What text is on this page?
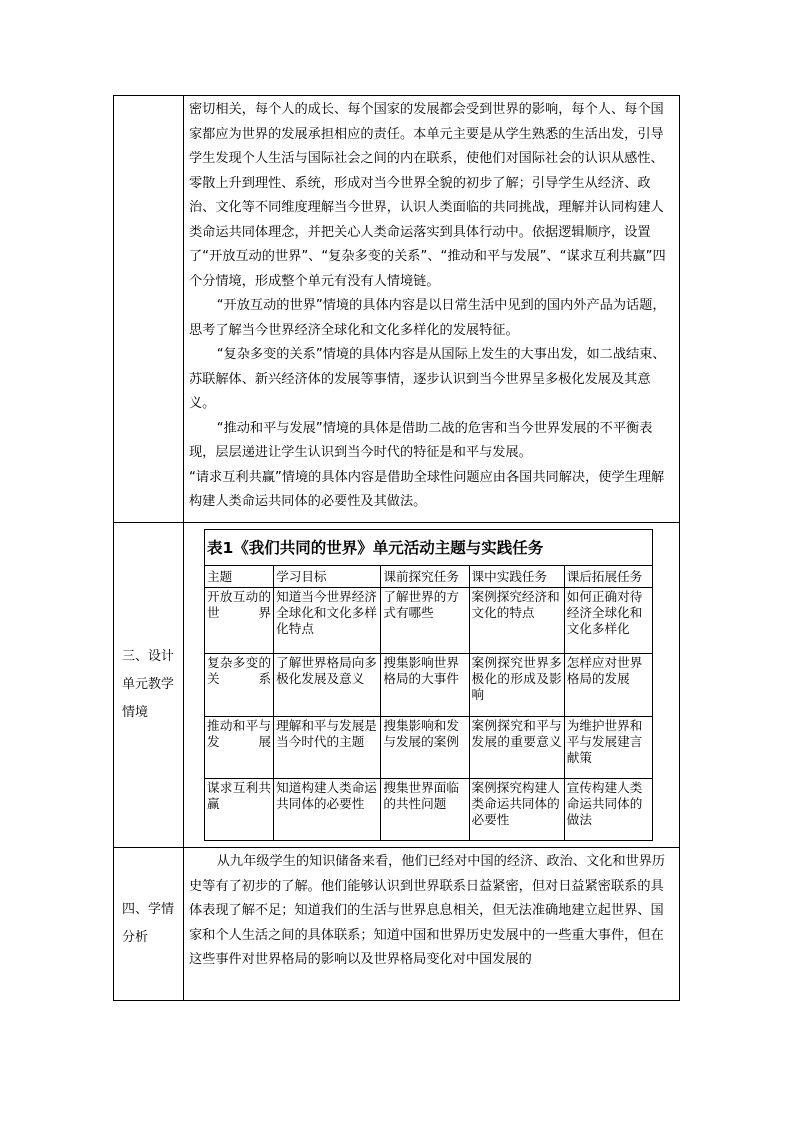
密切相关，每个人的成长、每个国家的发展都会受到世界的影响，每个人、每个国家都应为世界的发展承担相应的责任。本单元主要是从学生熟悉的生活出发，引导学生发现个人生活与国际社会之间的内在联系，使他们对国际社会的认识从感性、零散上升到理性、系统，形成对当今世界全貌的初步了解；引导学生从经济、政治、文化等不同维度理解当今世界，认识人类面临的共同挑战，理解并认同构建人类命运共同体理念，并把关心人类命运落实到具体行动中。依据逻辑顺序，设置了“开放互动的世界”、“复杂多变的关系”、“推动和平与发展”、“谋求互利共赢”四个分情境，形成整个单元有没有人情境链。

“开放互动的世界”情境的具体内容是以日常生活中见到的国内外产品为话题，思考了解当今世界经济全球化和文化多样化的发展特征。

“复杂多变的关系”情境的具体内容是从国际上发生的大事出发，如二战结束、苏联解体、新兴经济体的发展等事情，逐步认识到当今世界呈多极化发展及其意义。

“推动和平与发展”情境的具体是借助二战的危害和当今世界发展的不平衡表现，层层递进让学生认识到当今时代的特征是和平与发展。

“请求互利共赢”情境的具体内容是借助全球性问题应由各国共同解决，使学生理解构建人类命运共同体的必要性及其做法。

三、设计单元教学情境	
表1《我们共同的世界》单元活动主题与实践任务
主题	学习目标	课前探究任务	课中实践任务	课后拓展任务
开放互动的世界	知道当今世界经济全球化和文化多样化特点	了解世界的方式有哪些	案例探究经济和文化的特点	如何正确对待经济全球化和文化多样化
复杂多变的关系	了解世界格局向多极化发展及意义	搜集影响世界格局的大事件	案例探究世界多极化的形成及影响	怎样应对世界格局的发展
推动和平与发展	理解和平与发展是当今时代的主题	搜集影响和发与发展的案例	案例探究和平与发展的重要意义	为维护世界和平与发展建言献策
谋求互利共赢	知道构建人类命运共同体的必要性	搜集世界面临的共性问题	案例探究构建人类命运共同体的必要性	宣传构建人类命运共同体的做法

四、学情分析	

从九年级学生的知识储备来看，他们已经对中国的经济、政治、文化和世界历史等有了初步的了解。他们能够认识到世界联系日益紧密，但对日益紧密联系的具体表现了解不足；知道我们的生活与世界息息相关，但无法准确地建立起世界、国家和个人生活之间的具体联系；知道中国和世界历史发展中的一些重大事件，但在这些事件对世界格局的影响以及世界格局变化对中国发展的
